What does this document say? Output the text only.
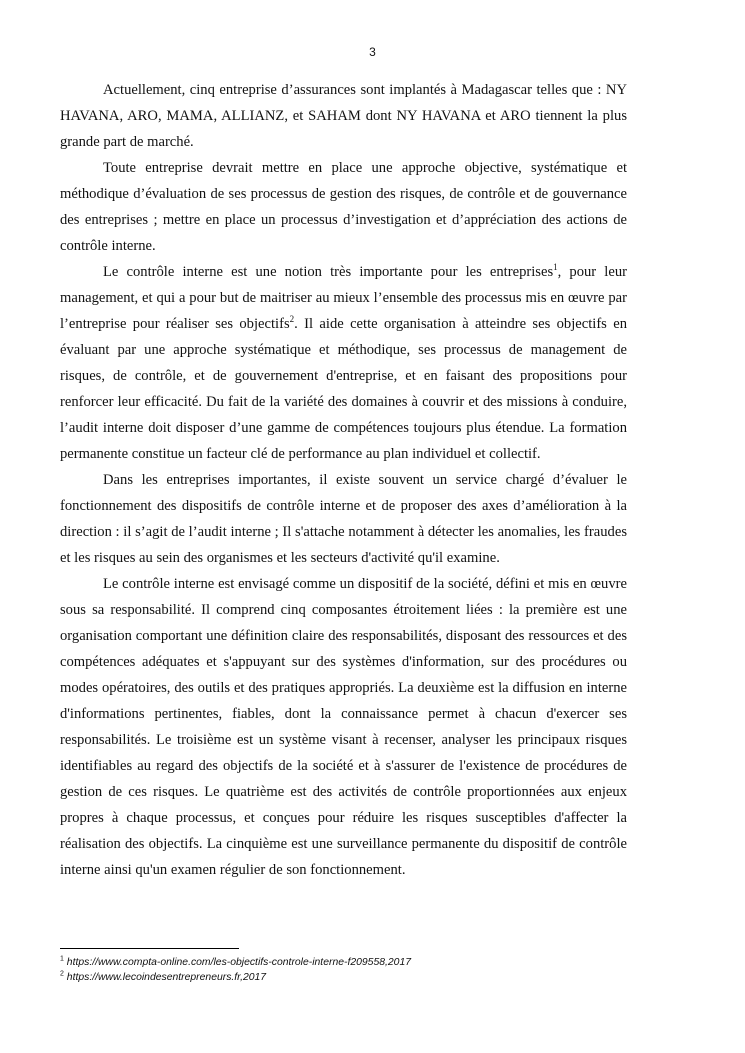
3

Actuellement, cinq entreprise d’assurances sont implantés à Madagascar telles que : NY HAVANA, ARO, MAMA, ALLIANZ, et SAHAM dont NY HAVANA et ARO tiennent la plus grande part de marché.

Toute entreprise devrait mettre en place une approche objective, systématique et méthodique d’évaluation de ses processus de gestion des risques, de contrôle et de gouvernance des entreprises ; mettre en place un processus d’investigation et d’appréciation des actions de contrôle interne.

Le contrôle interne est une notion très importante pour les entreprises$^1$, pour leur management, et qui a pour but de maitriser au mieux l’ensemble des processus mis en œuvre par l’entreprise pour réaliser ses objectifs$^2$. Il aide cette organisation à atteindre ses objectifs en évaluant par une approche systématique et méthodique, ses processus de management de risques, de contrôle, et de gouvernement d'entreprise, et en faisant des propositions pour renforcer leur efficacité. Du fait de la variété des domaines à couvrir et des missions à conduire, l’audit interne doit disposer d’une gamme de compétences toujours plus étendue. La formation permanente constitue un facteur clé de performance au plan individuel et collectif.

Dans les entreprises importantes, il existe souvent un service chargé d’évaluer le fonctionnement des dispositifs de contrôle interne et de proposer des axes d’amélioration à la direction : il s’agit de l’audit interne ; Il s'attache notamment à détecter les anomalies, les fraudes et les risques au sein des organismes et les secteurs d'activité qu'il examine.

Le contrôle interne est envisagé comme un dispositif de la société, défini et mis en œuvre sous sa responsabilité. Il comprend cinq composantes étroitement liées : la première est une organisation comportant une définition claire des responsabilités, disposant des ressources et des compétences adéquates et s'appuyant sur des systèmes d'information, sur des procédures ou modes opératoires, des outils et des pratiques appropriés. La deuxième est la diffusion en interne d'informations pertinentes, fiables, dont la connaissance permet à chacun d'exercer ses responsabilités. Le troisième est un système visant à recenser, analyser les principaux risques identifiables au regard des objectifs de la société et à s'assurer de l'existence de procédures de gestion de ces risques. Le quatrième est des activités de contrôle proportionnées aux enjeux propres à chaque processus, et conçues pour réduire les risques susceptibles d'affecter la réalisation des objectifs. La cinquième est une surveillance permanente du dispositif de contrôle interne ainsi qu'un examen régulier de son fonctionnement.

$^1$ https://www.compta-online.com/les-objectifs-controle-interne-f209558,2017
$^2$ https://www.lecoindesentrepreneurs.fr,2017
